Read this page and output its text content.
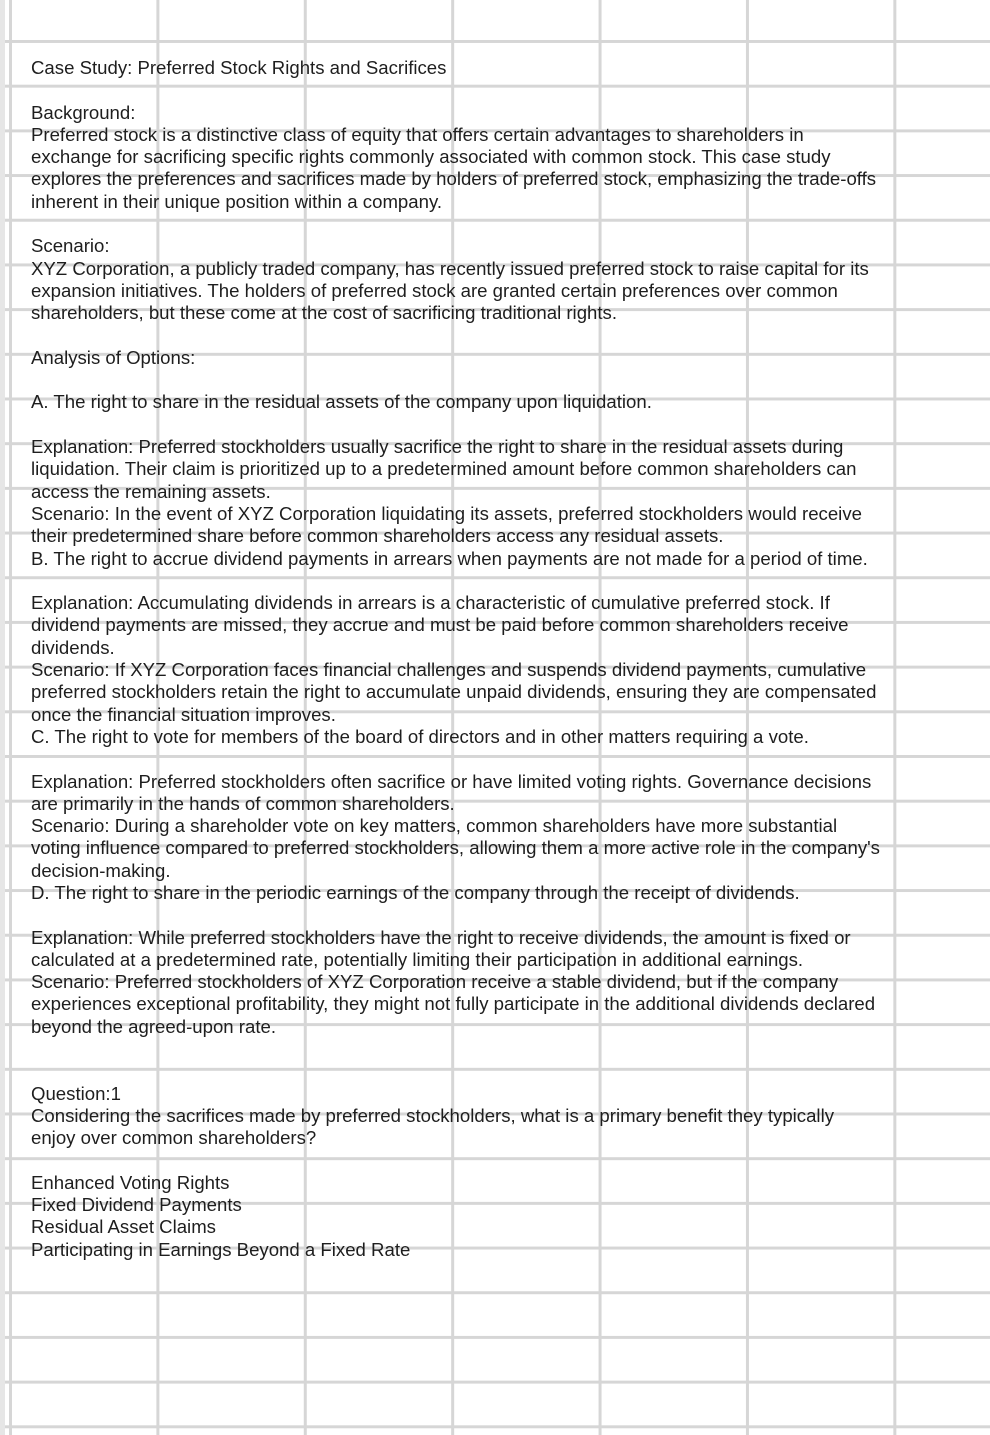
Case Study: Preferred Stock Rights and Sacrifices

Background:

Preferred stock is a distinctive class of equity that offers certain advantages to shareholders in exchange for sacrificing specific rights commonly associated with common stock. This case study explores the preferences and sacrifices made by holders of preferred stock, emphasizing the trade-offs inherent in their unique position within a company.

Scenario:

XYZ Corporation, a publicly traded company, has recently issued preferred stock to raise capital for its expansion initiatives. The holders of preferred stock are granted certain preferences over common shareholders, but these come at the cost of sacrificing traditional rights.

Analysis of Options:

A. The right to share in the residual assets of the company upon liquidation.

Explanation: Preferred stockholders usually sacrifice the right to share in the residual assets during liquidation. Their claim is prioritized up to a predetermined amount before common shareholders can access the remaining assets.

Scenario: In the event of XYZ Corporation liquidating its assets, preferred stockholders would receive their predetermined share before common shareholders access any residual assets.

B. The right to accrue dividend payments in arrears when payments are not made for a period of time.

Explanation: Accumulating dividends in arrears is a characteristic of cumulative preferred stock. If dividend payments are missed, they accrue and must be paid before common shareholders receive dividends.

Scenario: If XYZ Corporation faces financial challenges and suspends dividend payments, cumulative preferred stockholders retain the right to accumulate unpaid dividends, ensuring they are compensated once the financial situation improves.

C. The right to vote for members of the board of directors and in other matters requiring a vote.

Explanation: Preferred stockholders often sacrifice or have limited voting rights. Governance decisions are primarily in the hands of common shareholders.

Scenario: During a shareholder vote on key matters, common shareholders have more substantial voting influence compared to preferred stockholders, allowing them a more active role in the company's decision-making.

D. The right to share in the periodic earnings of the company through the receipt of dividends.

Explanation: While preferred stockholders have the right to receive dividends, the amount is fixed or calculated at a predetermined rate, potentially limiting their participation in additional earnings.

Scenario: Preferred stockholders of XYZ Corporation receive a stable dividend, but if the company experiences exceptional profitability, they might not fully participate in the additional dividends declared beyond the agreed-upon rate.

Question:1

Considering the sacrifices made by preferred stockholders, what is a primary benefit they typically enjoy over common shareholders?

Enhanced Voting Rights

Fixed Dividend Payments

Residual Asset Claims

Participating in Earnings Beyond a Fixed Rate
